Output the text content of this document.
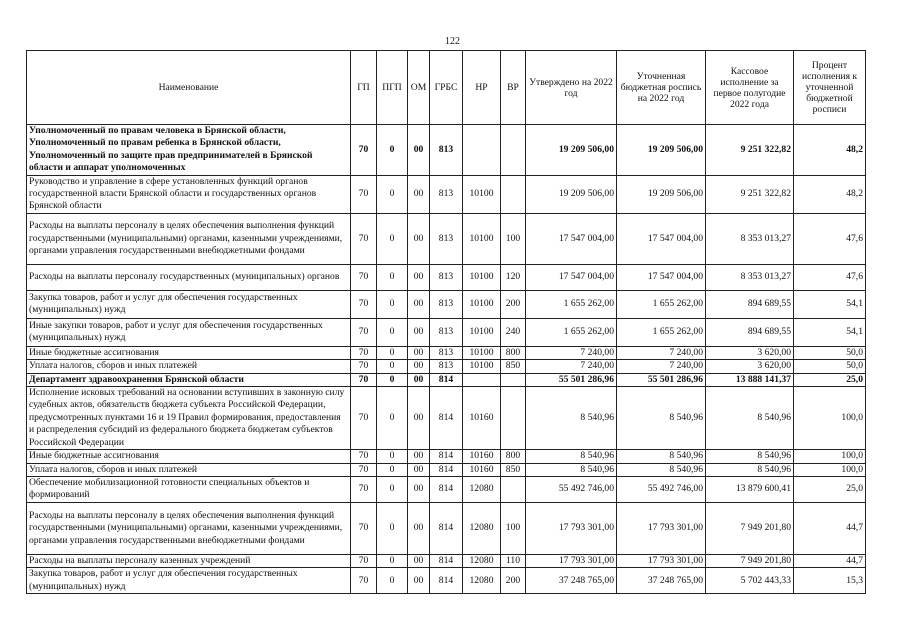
122
Наименование	ГП	ПГП	ОМ	ГРБС	НР	ВР	Утверждено на 2022 год	Уточненная бюджетная роспись на 2022 год	Кассовое исполнение за первое полугодие 2022 года	Процент исполнения к уточненной бюджетной росписи
Уполномоченный по правам человека в Брянской области, Уполномоченный по правам ребенка в Брянской области, Уполномоченный по защите прав предпринимателей в Брянской области и аппарат уполномоченных	70	0	00	813			19 209 506,00	19 209 506,00	9 251 322,82	48,2
Руководство и управление в сфере установленных функций органов государственной власти Брянской области и государственных органов Брянской области	70	0	00	813	10100		19 209 506,00	19 209 506,00	9 251 322,82	48,2
Расходы на выплаты персоналу в целях обеспечения выполнения функций государственными (муниципальными) органами, казенными учреждениями, органами управления государственными внебюджетными фондами	70	0	00	813	10100	100	17 547 004,00	17 547 004,00	8 353 013,27	47,6
Расходы на выплаты персоналу государственных (муниципальных) органов	70	0	00	813	10100	120	17 547 004,00	17 547 004,00	8 353 013,27	47,6
Закупка товаров, работ и услуг для обеспечения государственных (муниципальных) нужд	70	0	00	813	10100	200	1 655 262,00	1 655 262,00	894 689,55	54,1
Иные закупки товаров, работ и услуг для обеспечения государственных (муниципальных) нужд	70	0	00	813	10100	240	1 655 262,00	1 655 262,00	894 689,55	54,1
Иные бюджетные ассигнования	70	0	00	813	10100	800	7 240,00	7 240,00	3 620,00	50,0
Уплата налогов, сборов и иных платежей	70	0	00	813	10100	850	7 240,00	7 240,00	3 620,00	50,0
Департамент здравоохранения Брянской области	70	0	00	814			55 501 286,96	55 501 286,96	13 888 141,37	25,0
Исполнение исковых требований на основании вступивших в законную силу судебных актов, обязательств бюджета субъекта Российской Федерации, предусмотренных пунктами 16 и 19 Правил формирования, предоставления и распределения субсидий из федерального бюджета бюджетам субъектов Российской Федерации	70	0	00	814	10160		8 540,96	8 540,96	8 540,96	100,0
Иные бюджетные ассигнования	70	0	00	814	10160	800	8 540,96	8 540,96	8 540,96	100,0
Уплата налогов, сборов и иных платежей	70	0	00	814	10160	850	8 540,96	8 540,96	8 540,96	100,0
Обеспечение мобилизационной готовности специальных объектов и формирований	70	0	00	814	12080		55 492 746,00	55 492 746,00	13 879 600,41	25,0
Расходы на выплаты персоналу в целях обеспечения выполнения функций государственными (муниципальными) органами, казенными учреждениями, органами управления государственными внебюджетными фондами	70	0	00	814	12080	100	17 793 301,00	17 793 301,00	7 949 201,80	44,7
Расходы на выплаты персоналу казенных учреждений	70	0	00	814	12080	110	17 793 301,00	17 793 301,00	7 949 201,80	44,7
Закупка товаров, работ и услуг для обеспечения государственных (муниципальных) нужд	70	0	00	814	12080	200	37 248 765,00	37 248 765,00	5 702 443,33	15,3
